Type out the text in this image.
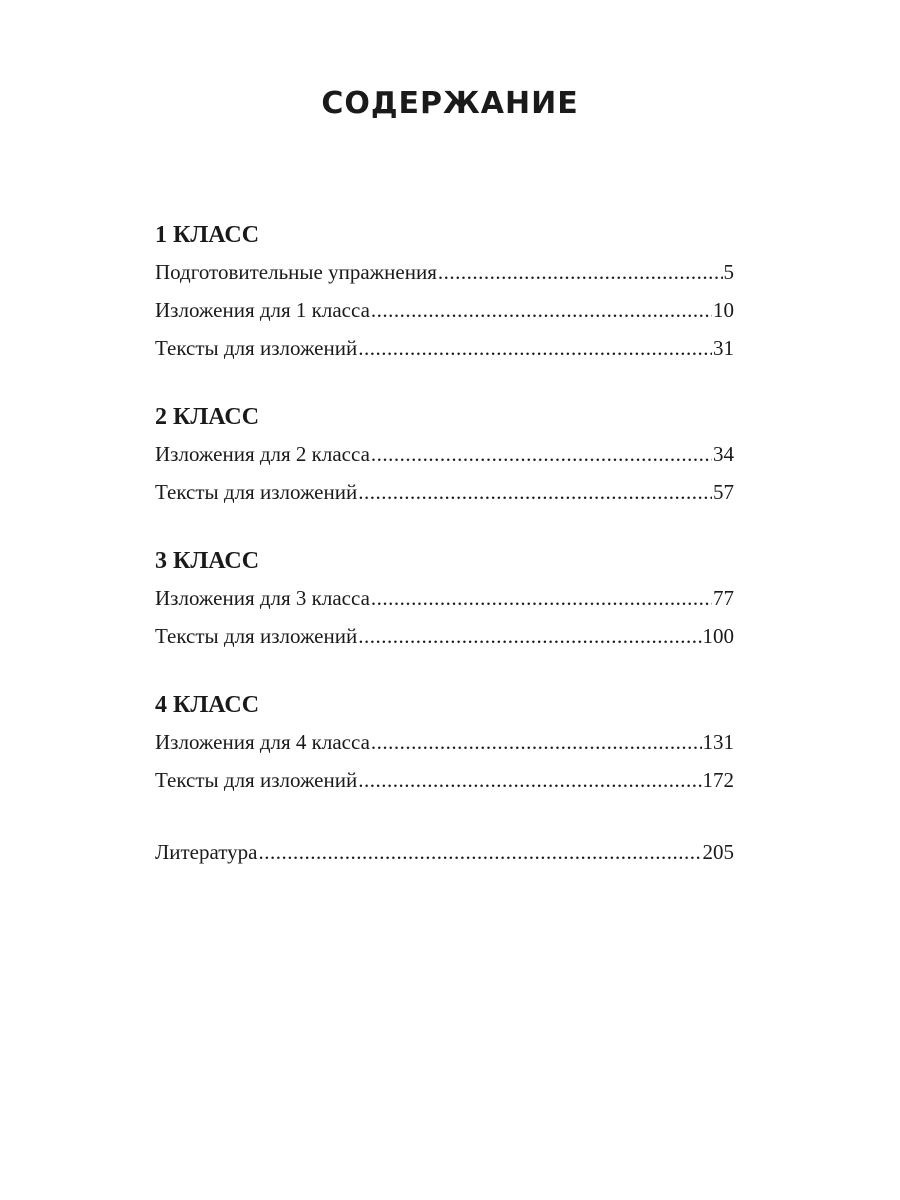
СОДЕРЖАНИЕ
1 КЛАСС
Подготовительные упражнения .....	5
Изложения для 1 класса .....	10
Тексты для изложений .....	31
2 КЛАСС
Изложения для 2 класса .....	34
Тексты для изложений .....	57
3 КЛАСС
Изложения для 3 класса .....	77
Тексты для изложений .....	100
4 КЛАСС
Изложения для 4 класса .....	131
Тексты для изложений .....	172
Литература .....	205
